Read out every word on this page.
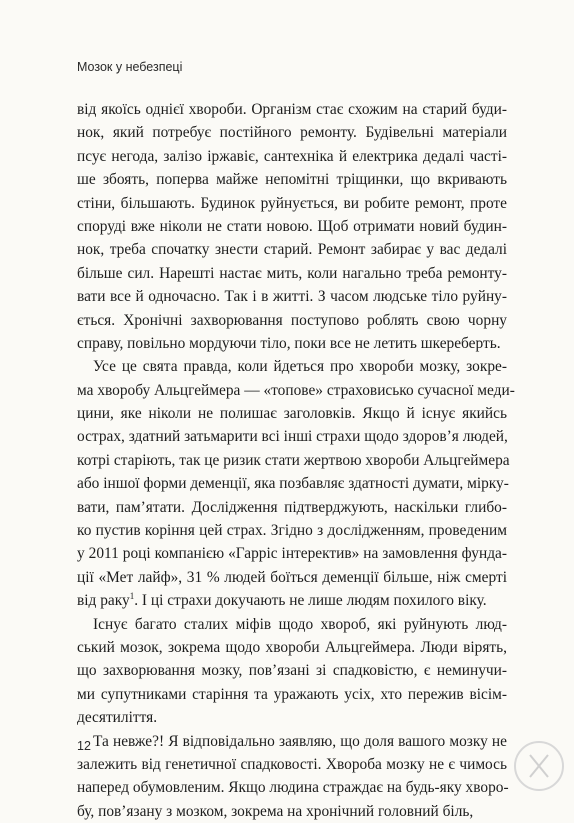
Мозок у небезпеці
від якоїсь однієї хвороби. Організм стає схожим на старий буди-
нок, який потребує постійного ремонту. Будівельні матеріали
псує негода, залізо іржавіє, сантехніка й електрика дедалі часті-
ше збоять, поперва майже непомітні тріщинки, що вкривають
стіни, більшають. Будинок руйнується, ви робите ремонт, проте
споруді вже ніколи не стати новою. Щоб отримати новий будин-
нок, треба спочатку знести старий. Ремонт забирає у вас дедалі
більше сил. Нарешті настає мить, коли нагально треба ремонту-
вати все й одночасно. Так і в житті. З часом людське тіло руйну-
ється. Хронічні захворювання поступово роблять свою чорну
справу, повільно мордуючи тіло, поки все не летить шкереберть.
Усе це свята правда, коли йдеться про хвороби мозку, зокре-
ма хворобу Альцгеймера — «топове» страховисько сучасної меди-
цини, яке ніколи не полишає заголовків. Якщо й існує якийсь
острах, здатний затьмарити всі інші страхи щодо здоров’я людей,
котрі старіють, так це ризик стати жертвою хвороби Альцгеймера
або іншої форми деменції, яка позбавляє здатності думати, мірку-
вати, пам’ятати. Дослідження підтверджують, наскільки глибо-
ко пустив коріння цей страх. Згідно з дослідженням, проведеним
у 2011 році компанією «Гарріс інтеректив» на замовлення фунда-
ції «Мет лайф», 31 % людей боїться деменції більше, ніж смерті
від раку$^1$. І ці страхи докучають не лише людям похилого віку.
Існує багато сталих міфів щодо хвороб, які руйнують люд-
ський мозок, зокрема щодо хвороби Альцгеймера. Люди вірять,
що захворювання мозку, пов’язані зі спадковістю, є неминучи-
ми супутниками старіння та уражають усіх, хто пережив вісім-
десятиліття.
Та невже?! Я відповідально заявляю, що доля вашого мозку не
залежить від генетичної спадковості. Хвороба мозку не є чимось
наперед обумовленим. Якщо людина страждає на будь-яку хворо-
бу, пов’язану з мозком, зокрема на хронічний головний біль,
12
